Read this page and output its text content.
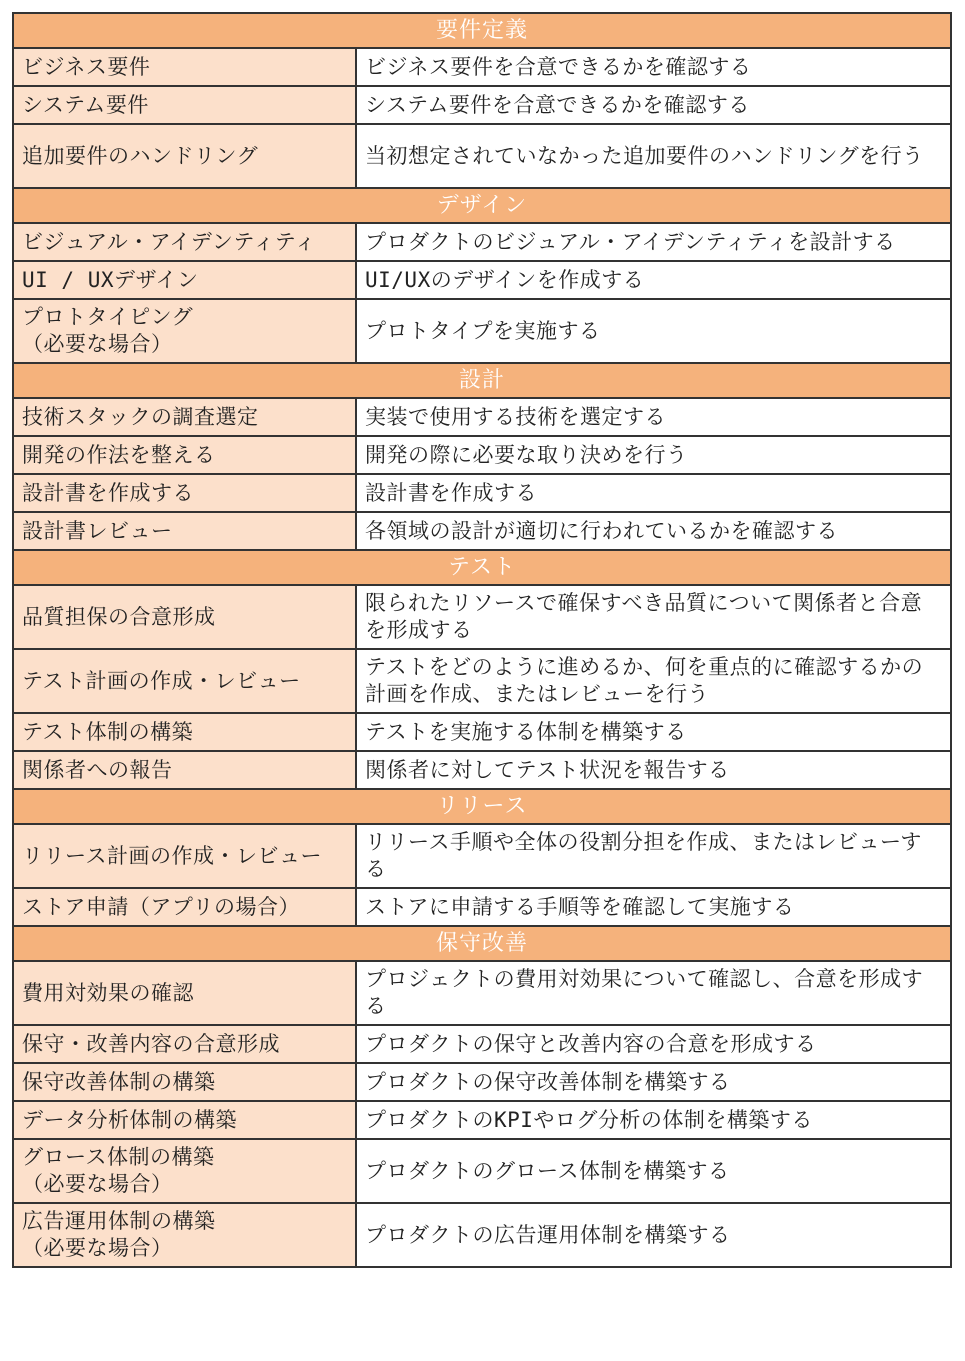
要件定義	
ビジネス要件	ビジネス要件を合意できるかを確認する
システム要件	システム要件を合意できるかを確認する
追加要件のハンドリング	当初想定されていなかった追加要件のハンドリングを行う
デザイン	
ビジュアル・アイデンティティ	プロダクトのビジュアル・アイデンティティを設計する
UI / UXデザイン	UI/UXのデザインを作成する
プロトタイピング
（必要な場合）	プロトタイプを実施する
設計	
技術スタックの調査選定	実装で使用する技術を選定する
開発の作法を整える	開発の際に必要な取り決めを行う
設計書を作成する	設計書を作成する
設計書レビュー	各領域の設計が適切に行われているかを確認する
テスト	
品質担保の合意形成	限られたリソースで確保すべき品質について関係者と合意を形成する
テスト計画の作成・レビュー	テストをどのように進めるか、何を重点的に確認するかの計画を作成、またはレビューを行う
テスト体制の構築	テストを実施する体制を構築する
関係者への報告	関係者に対してテスト状況を報告する
リリース	
リリース計画の作成・レビュー	リリース手順や全体の役割分担を作成、またはレビューする
ストア申請（アプリの場合）	ストアに申請する手順等を確認して実施する
保守改善	
費用対効果の確認	プロジェクトの費用対効果について確認し、合意を形成する
保守・改善内容の合意形成	プロダクトの保守と改善内容の合意を形成する
保守改善体制の構築	プロダクトの保守改善体制を構築する
データ分析体制の構築	プロダクトのKPIやログ分析の体制を構築する
グロース体制の構築
（必要な場合）	プロダクトのグロース体制を構築する
広告運用体制の構築
（必要な場合）	プロダクトの広告運用体制を構築する
